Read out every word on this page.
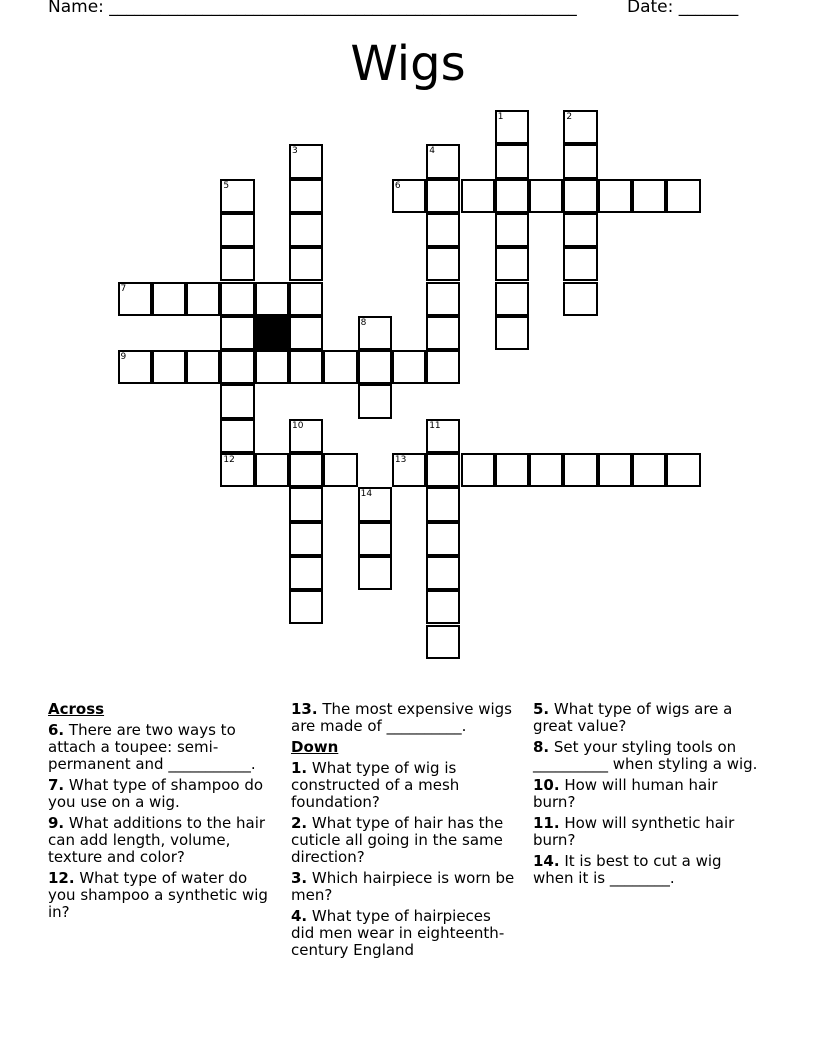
Name: _______________________________________________________	Date: _______
Wigs
1	2
3	4
5	6
7
8
9
10	11
12	13
14
Across
6. There are two ways to attach a toupee: semi-permanent and ___________.
7. What type of shampoo do you use on a wig.
9. What additions to the hair can add length, volume, texture and color?
12. What type of water do you shampoo a synthetic wig in?
13. The most expensive wigs are made of __________.
Down
1. What type of wig is constructed of a mesh foundation?
2. What type of hair has the cuticle all going in the same direction?
3. Which hairpiece is worn be men?
4. What type of hairpieces did men wear in eighteenth-century England
5. What type of wigs are a great value?
8. Set your styling tools on __________ when styling a wig.
10. How will human hair burn?
11. How will synthetic hair burn?
14. It is best to cut a wig when it is ________.
